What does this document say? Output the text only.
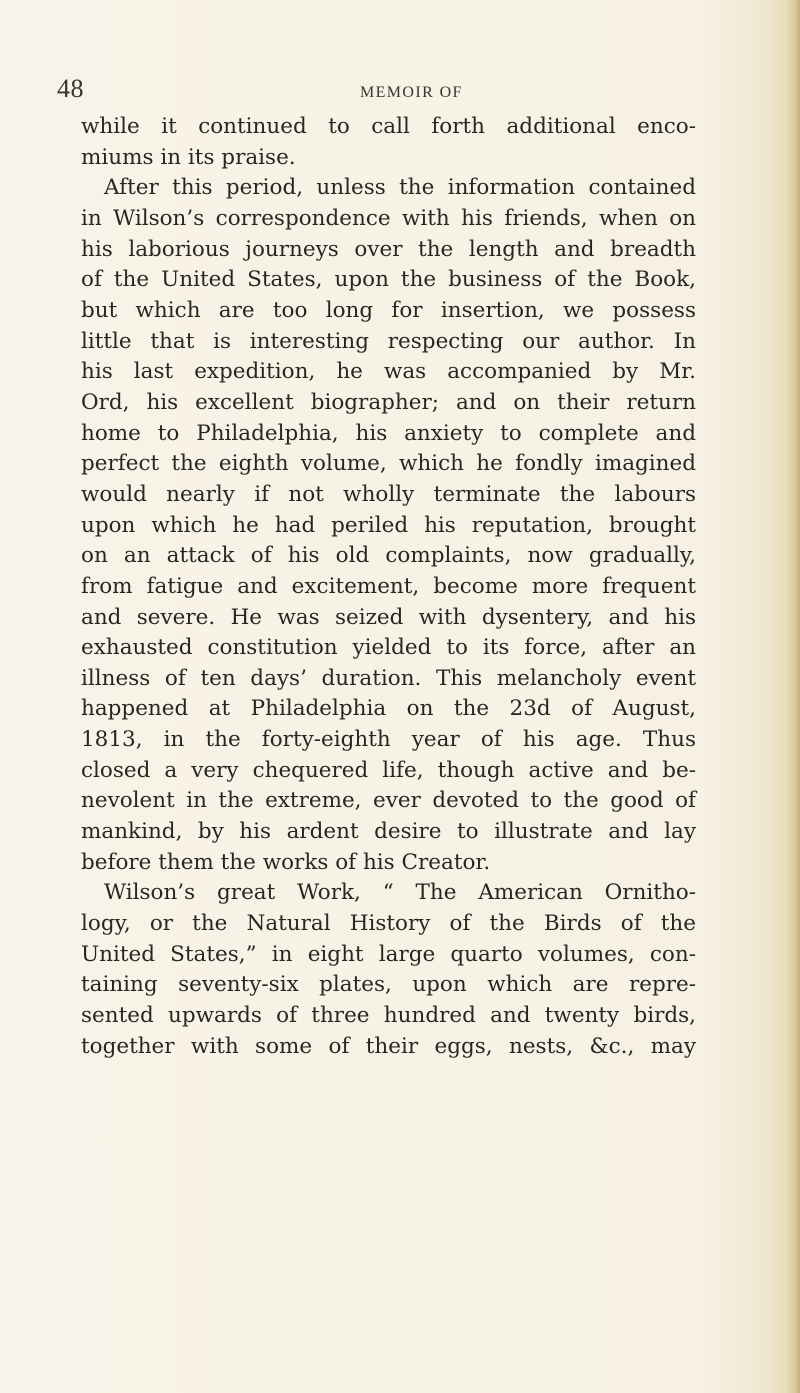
48	MEMOIR OF
while it continued to call forth additional enco-
miums in its praise.
After this period, unless the information contained
in Wilson’s correspondence with his friends, when on
his laborious journeys over the length and breadth
of the United States, upon the business of the Book,
but which are too long for insertion, we possess
little that is interesting respecting our author. In
his last expedition, he was accompanied by Mr.
Ord, his excellent biographer; and on their return
home to Philadelphia, his anxiety to complete and
perfect the eighth volume, which he fondly imagined
would nearly if not wholly terminate the labours
upon which he had periled his reputation, brought
on an attack of his old complaints, now gradually,
from fatigue and excitement, become more frequent
and severe. He was seized with dysentery, and his
exhausted constitution yielded to its force, after an
illness of ten days’ duration. This melancholy event
happened at Philadelphia on the 23d of August,
1813, in the forty-eighth year of his age. Thus
closed a very chequered life, though active and be-
nevolent in the extreme, ever devoted to the good of
mankind, by his ardent desire to illustrate and lay
before them the works of his Creator.
Wilson’s great Work, “ The American Ornitho-
logy, or the Natural History of the Birds of the
United States,” in eight large quarto volumes, con-
taining seventy-six plates, upon which are repre-
sented upwards of three hundred and twenty birds,
together with some of their eggs, nests, &c., may
